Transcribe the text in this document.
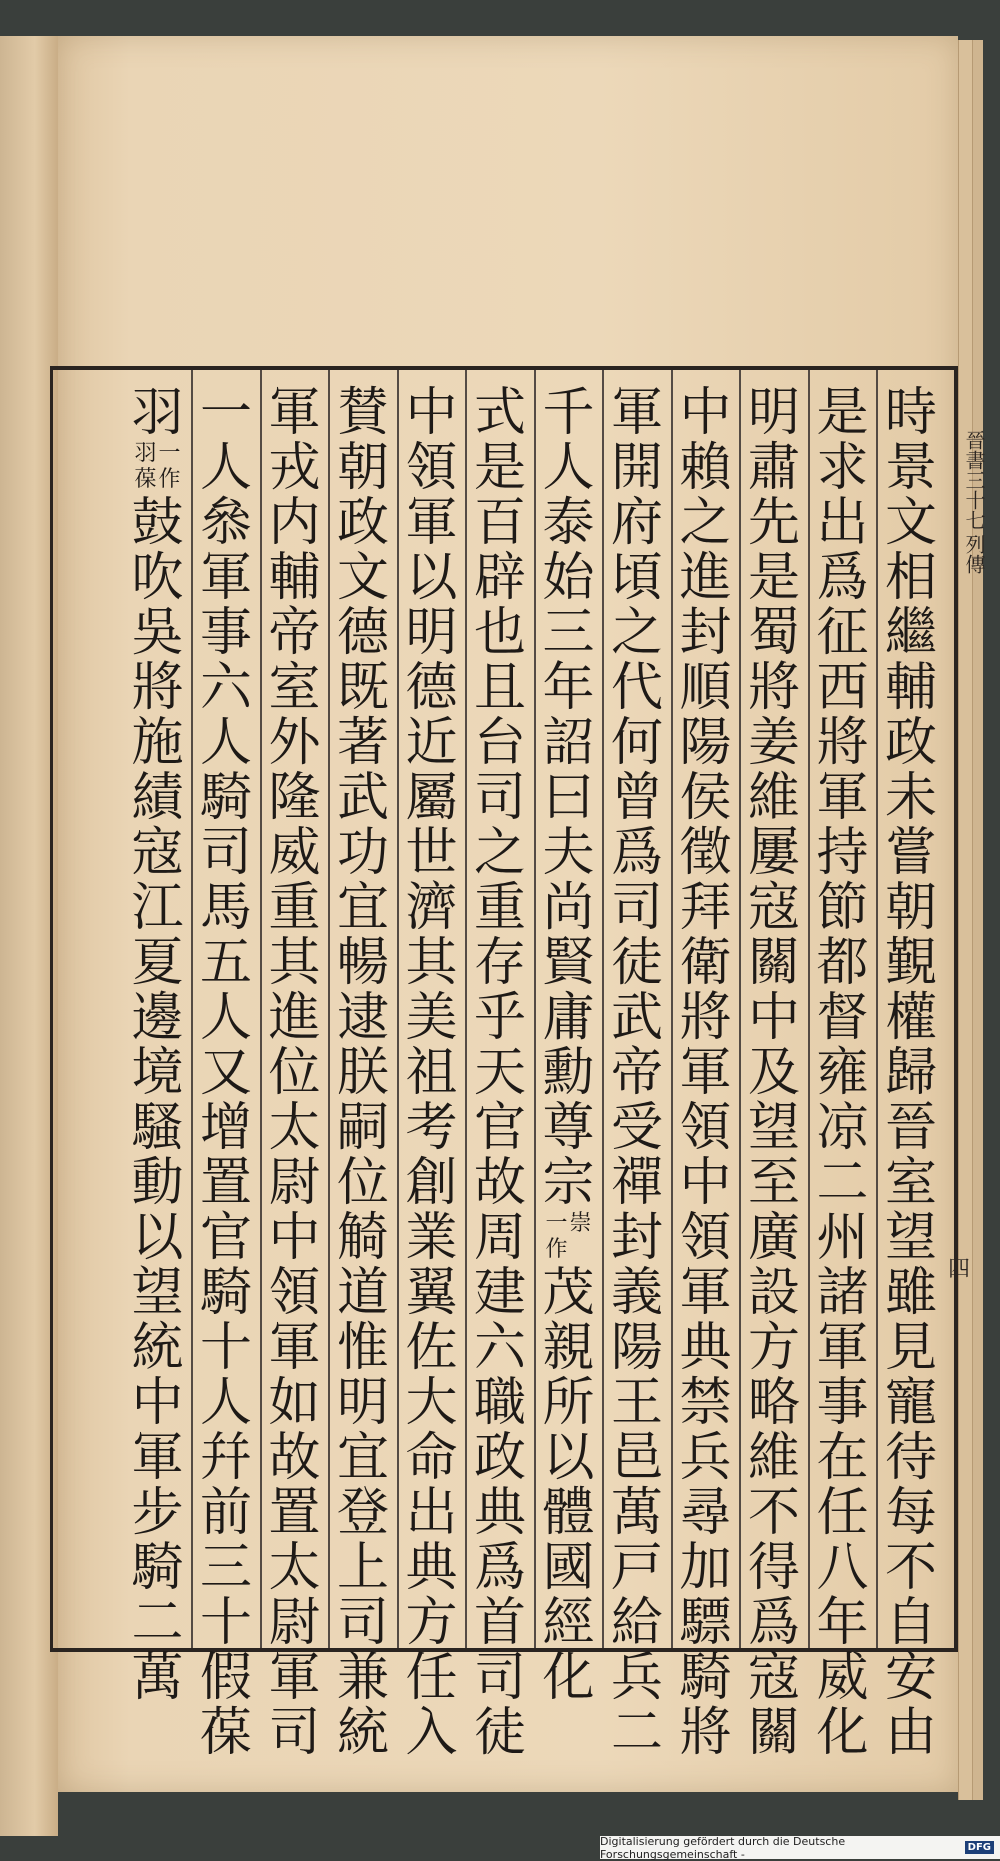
晉書三十七
列傳
四
時
景
文
相
繼
輔
政
未
嘗
朝
覲
權
歸
晉
室
望
雖
見
寵
待
每
不
自
安
由
是
求
出
爲
征
西
將
軍
持
節
都
督
雍
凉
二
州
諸
軍
事
在
任
八
年
威
化
明
肅
先
是
蜀
將
姜
維
屢
寇
關
中
及
望
至
廣
設
方
略
維
不
得
爲
寇
關
中
賴
之
進
封
順
陽
侯
徵
拜
衛
將
軍
領
中
領
軍
典
禁
兵
尋
加
驃
騎
將
軍
開
府
頃
之
代
何
曾
爲
司
徒
武
帝
受
禪
封
義
陽
王
邑
萬
戸
給
兵
二
千
人
泰
始
三
年
詔
曰
夫
尚
賢
庸
勳
尊
宗
崇
一
作
茂
親
所
以
體
國
經
化
式
是
百
辟
也
且
台
司
之
重
存
乎
天
官
故
周
建
六
職
政
典
爲
首
司
徒
中
領
軍
以
明
德
近
屬
世
濟
其
美
祖
考
創
業
翼
佐
大
命
出
典
方
任
入
賛
朝
政
文
德
既
著
武
功
宜
暢
逮
朕
嗣
位
觭
道
惟
明
宜
登
上
司
兼
統
軍
戎
内
輔
帝
室
外
隆
威
重
其
進
位
太
尉
中
領
軍
如
故
置
太
尉
軍
司
一
人
叅
軍
事
六
人
騎
司
馬
五
人
又
增
置
官
騎
十
人
幷
前
三
十
假
葆
羽
一
作
羽
葆
鼓
吹
吳
將
施
績
寇
江
夏
邊
境
騷
動
以
望
統
中
軍
步
騎
二
萬
Digitalisierung gefördert durch die Deutsche Forschungsgemeinschaft -	DFG
